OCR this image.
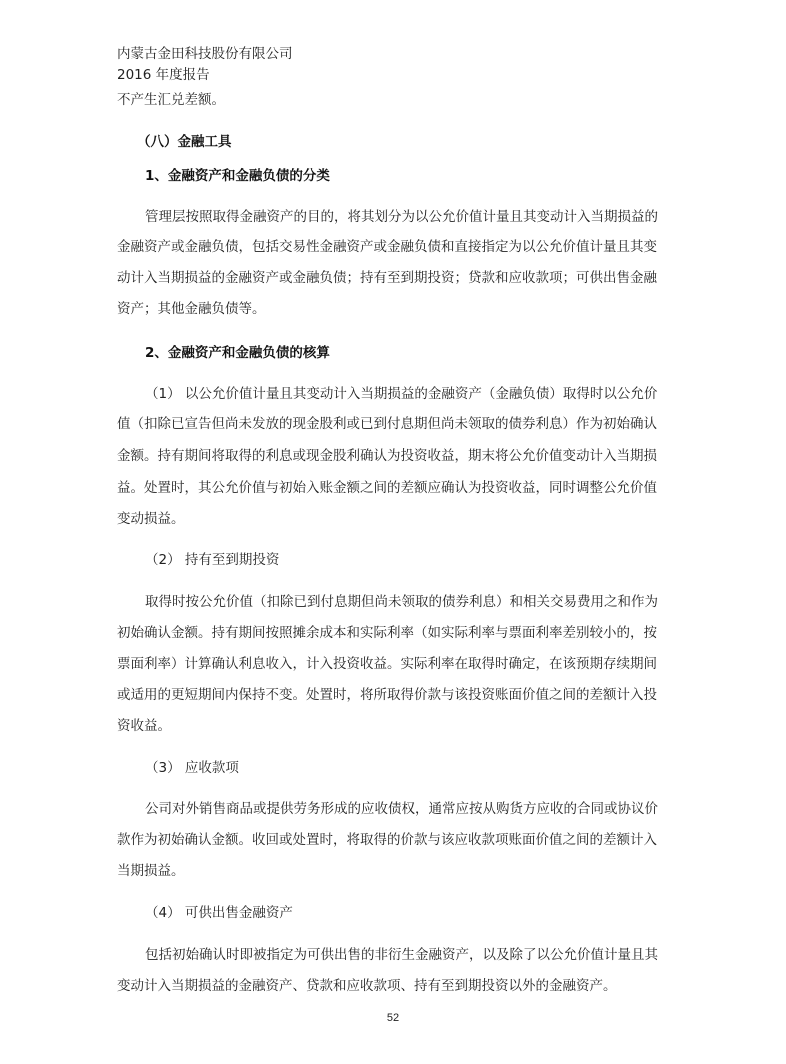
内蒙古金田科技股份有限公司
2016 年度报告
不产生汇兑差额。
（八）金融工具
1、金融资产和金融负债的分类
管理层按照取得金融资产的目的，将其划分为以公允价值计量且其变动计入当期损益的
金融资产或金融负债，包括交易性金融资产或金融负债和直接指定为以公允价值计量且其变
动计入当期损益的金融资产或金融负债；持有至到期投资；贷款和应收款项；可供出售金融
资产；其他金融负债等。
2、金融资产和金融负债的核算
（1） 以公允价值计量且其变动计入当期损益的金融资产（金融负债）取得时以公允价
值（扣除已宣告但尚未发放的现金股利或已到付息期但尚未领取的债券利息）作为初始确认
金额。持有期间将取得的利息或现金股利确认为投资收益，期末将公允价值变动计入当期损
益。处置时，其公允价值与初始入账金额之间的差额应确认为投资收益，同时调整公允价值
变动损益。
（2） 持有至到期投资
取得时按公允价值（扣除已到付息期但尚未领取的债券利息）和相关交易费用之和作为
初始确认金额。持有期间按照摊余成本和实际利率（如实际利率与票面利率差别较小的，按
票面利率）计算确认利息收入，计入投资收益。实际利率在取得时确定，在该预期存续期间
或适用的更短期间内保持不变。处置时，将所取得价款与该投资账面价值之间的差额计入投
资收益。
（3） 应收款项
公司对外销售商品或提供劳务形成的应收债权，通常应按从购货方应收的合同或协议价
款作为初始确认金额。收回或处置时，将取得的价款与该应收款项账面价值之间的差额计入
当期损益。
（4） 可供出售金融资产
包括初始确认时即被指定为可供出售的非衍生金融资产，以及除了以公允价值计量且其
变动计入当期损益的金融资产、贷款和应收款项、持有至到期投资以外的金融资产。
52
